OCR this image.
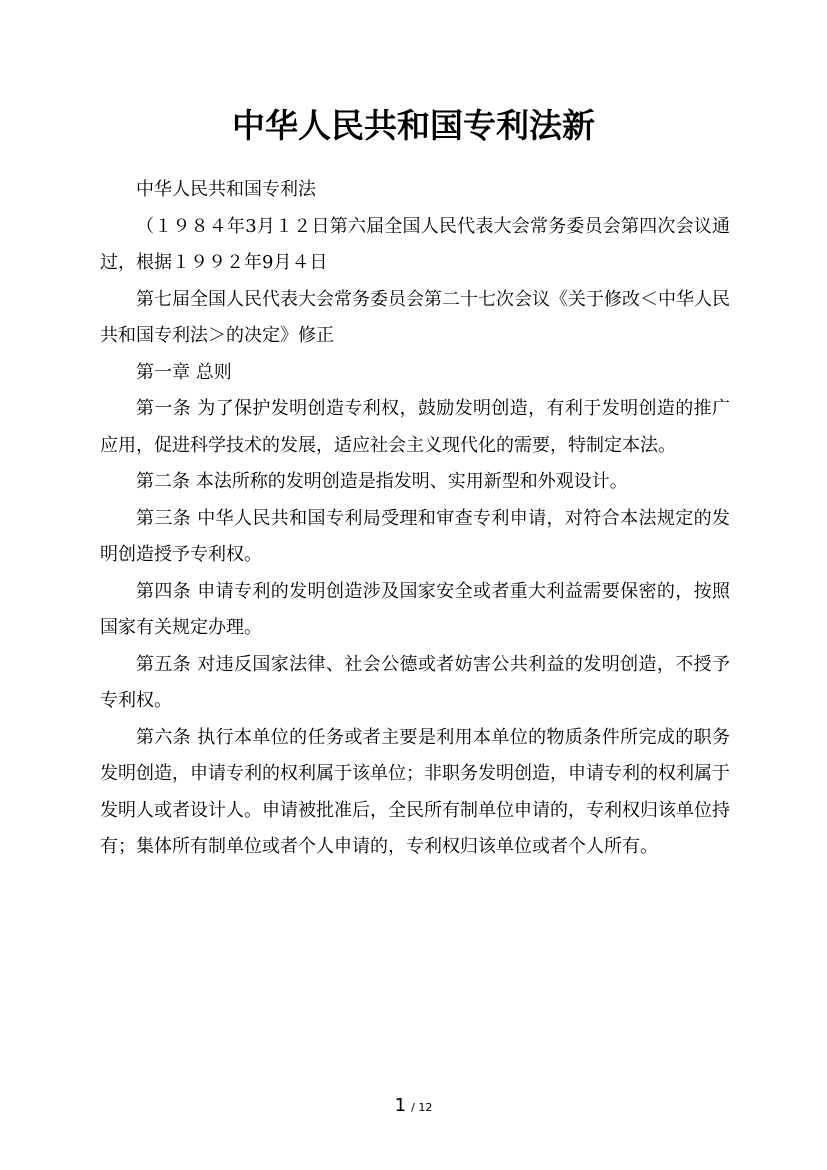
中华人民共和国专利法新

中华人民共和国专利法

（１９８４年3月１２日第六届全国人民代表大会常务委员会第四次会议通过，根据１９９２年9月４日

第七届全国人民代表大会常务委员会第二十七次会议《关于修改＜中华人民共和国专利法＞的决定》修正

第一章 总则

第一条 为了保护发明创造专利权，鼓励发明创造，有利于发明创造的推广应用，促进科学技术的发展，适应社会主义现代化的需要，特制定本法。

第二条 本法所称的发明创造是指发明、实用新型和外观设计。

第三条 中华人民共和国专利局受理和审查专利申请，对符合本法规定的发明创造授予专利权。

第四条 申请专利的发明创造涉及国家安全或者重大利益需要保密的，按照国家有关规定办理。

第五条 对违反国家法律、社会公德或者妨害公共利益的发明创造，不授予专利权。

第六条 执行本单位的任务或者主要是利用本单位的物质条件所完成的职务发明创造，申请专利的权利属于该单位；非职务发明创造，申请专利的权利属于发明人或者设计人。申请被批准后，全民所有制单位申请的，专利权归该单位持有；集体所有制单位或者个人申请的，专利权归该单位或者个人所有。

1 / 12
